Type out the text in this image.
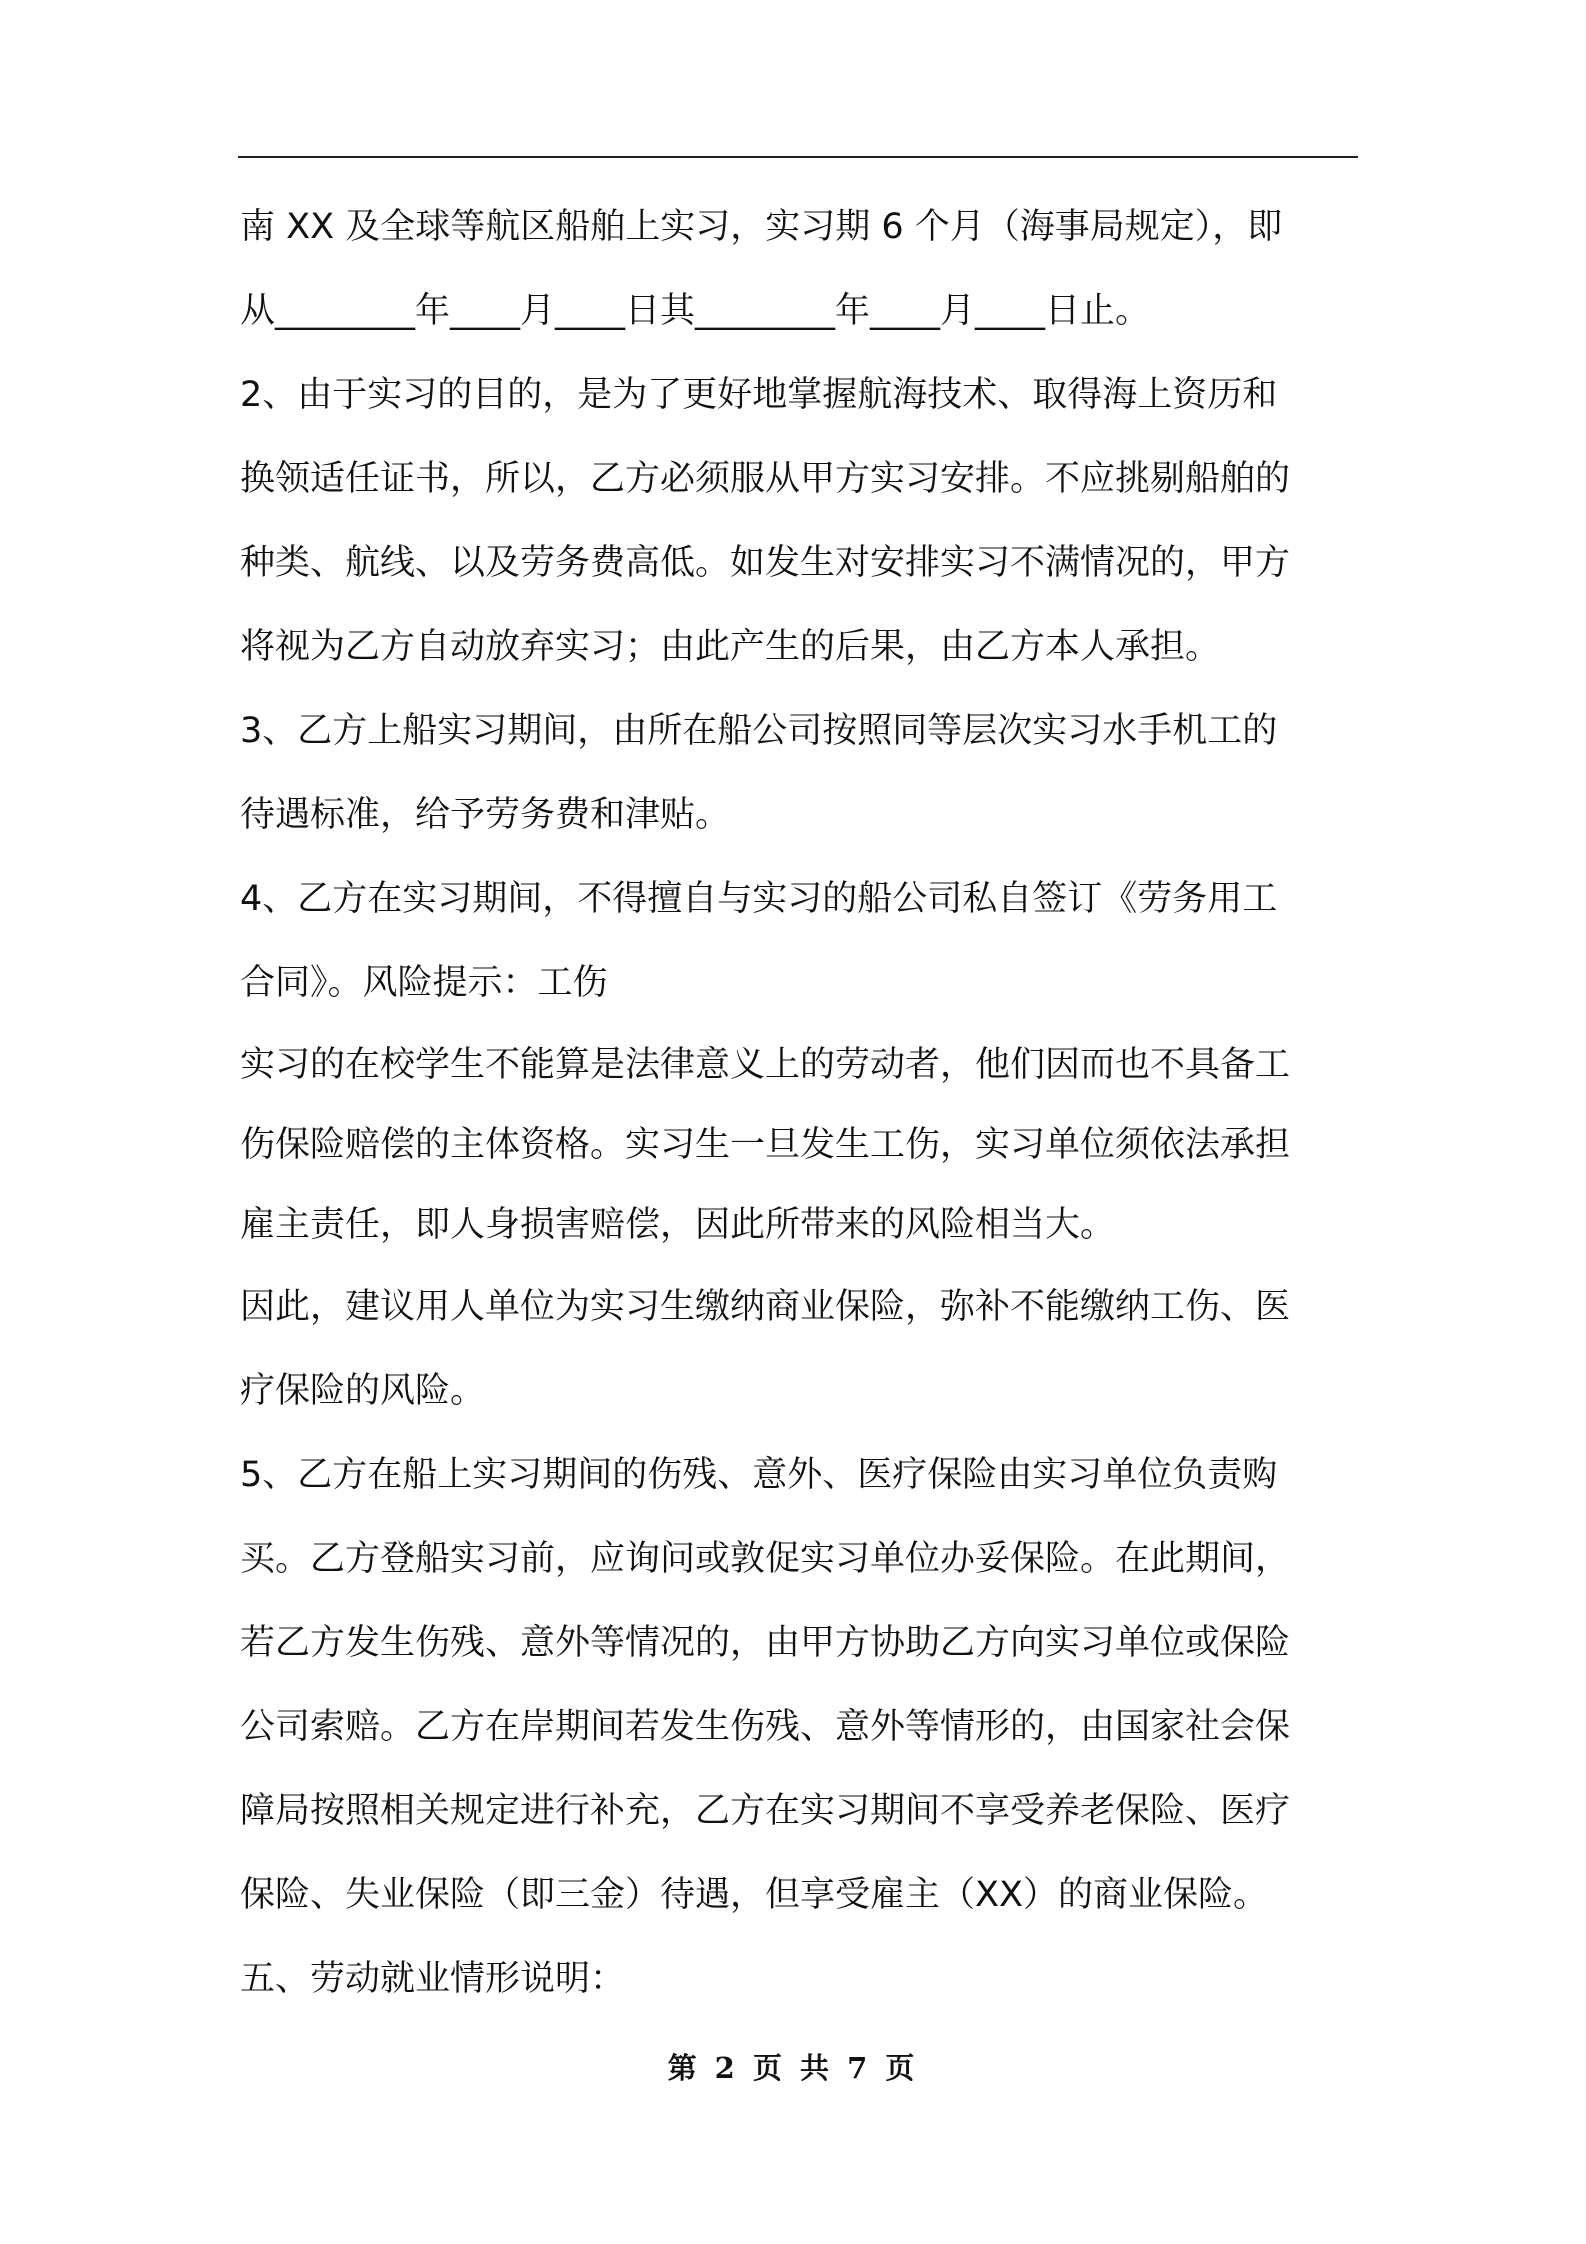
南 XX 及全球等航区船舶上实习，实习期 6 个月（海事局规定），即
从________年____月____日其________年____月____日止。
2、由于实习的目的，是为了更好地掌握航海技术、取得海上资历和
换领适任证书，所以，乙方必须服从甲方实习安排。不应挑剔船舶的
种类、航线、以及劳务费高低。如发生对安排实习不满情况的，甲方
将视为乙方自动放弃实习；由此产生的后果，由乙方本人承担。
3、乙方上船实习期间，由所在船公司按照同等层次实习水手机工的
待遇标准，给予劳务费和津贴。
4、乙方在实习期间，不得擅自与实习的船公司私自签订《劳务用工
合同》。风险提示：工伤
实习的在校学生不能算是法律意义上的劳动者，他们因而也不具备工
伤保险赔偿的主体资格。实习生一旦发生工伤，实习单位须依法承担
雇主责任，即人身损害赔偿，因此所带来的风险相当大。
因此，建议用人单位为实习生缴纳商业保险，弥补不能缴纳工伤、医
疗保险的风险。
5、乙方在船上实习期间的伤残、意外、医疗保险由实习单位负责购
买。乙方登船实习前，应询问或敦促实习单位办妥保险。在此期间，
若乙方发生伤残、意外等情况的，由甲方协助乙方向实习单位或保险
公司索赔。乙方在岸期间若发生伤残、意外等情形的，由国家社会保
障局按照相关规定进行补充，乙方在实习期间不享受养老保险、医疗
保险、失业保险（即三金）待遇，但享受雇主（XX）的商业保险。
五、劳动就业情形说明：
第 2 页 共 7 页
